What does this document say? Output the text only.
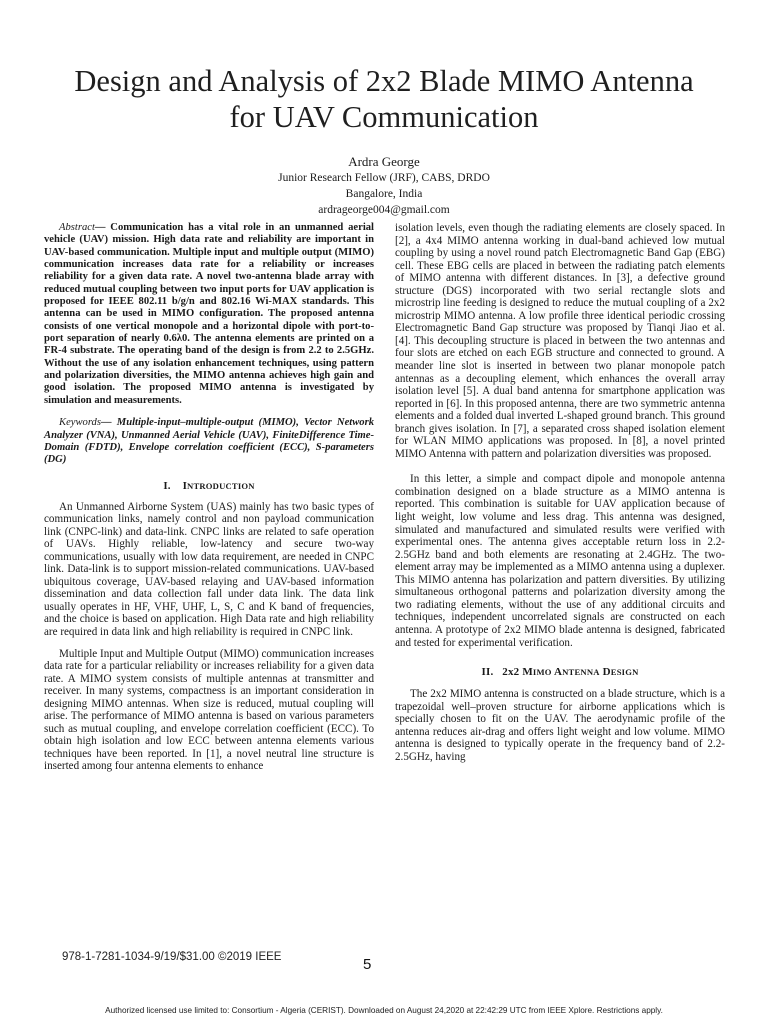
Design and Analysis of 2x2 Blade MIMO Antenna
for UAV Communication
Ardra George
Junior Research Fellow (JRF), CABS, DRDO
Bangalore, India
ardrageorge004@gmail.com

Abstract— Communication has a vital role in an unmanned aerial vehicle (UAV) mission. High data rate and reliability are important in UAV-based communication. Multiple input and multiple output (MIMO) communication increases data rate for a reliability or increases reliability for a given data rate. A novel two-antenna blade array with reduced mutual coupling between two input ports for UAV application is proposed for IEEE 802.11 b/g/n and 802.16 Wi-MAX standards. This antenna can be used in MIMO configuration. The proposed antenna consists of one vertical monopole and a horizontal dipole with port-to-port separation of nearly 0.6λ0. The antenna elements are printed on a FR-4 substrate. The operating band of the design is from 2.2 to 2.5GHz. Without the use of any isolation enhancement techniques, using pattern and polarization diversities, the MIMO antenna achieves high gain and good isolation. The proposed MIMO antenna is investigated by simulation and measurements.

Keywords— Multiple-input–multiple-output (MIMO), Vector Network Analyzer (VNA), Unmanned Aerial Vehicle (UAV), FiniteDifference Time-Domain (FDTD), Envelope correlation coefficient (ECC), S-parameters (DG)

I. INTRODUCTION

An Unmanned Airborne System (UAS) mainly has two basic types of communication links, namely control and non payload communication link (CNPC-link) and data-link. CNPC links are related to safe operation of UAVs. Highly reliable, low-latency and secure two-way communications, usually with low data requirement, are needed in CNPC link. Data-link is to support mission-related communications. UAV-based ubiquitous coverage, UAV-based relaying and UAV-based information dissemination and data collection fall under data link. The data link usually operates in HF, VHF, UHF, L, S, C and K band of frequencies, and the choice is based on application. High Data rate and high reliability are required in data link and high reliability is required in CNPC link.

Multiple Input and Multiple Output (MIMO) communication increases data rate for a particular reliability or increases reliability for a given data rate. A MIMO system consists of multiple antennas at transmitter and receiver. In many systems, compactness is an important consideration in designing MIMO antennas. When size is reduced, mutual coupling will arise. The performance of MIMO antenna is based on various parameters such as mutual coupling, and envelope correlation coefficient (ECC). To obtain high isolation and low ECC between antenna elements various techniques have been reported. In [1], a novel neutral line structure is inserted among four antenna elements to enhance

isolation levels, even though the radiating elements are closely spaced. In [2], a 4x4 MIMO antenna working in dual-band achieved low mutual coupling by using a novel round patch Electromagnetic Band Gap (EBG) cell. These EBG cells are placed in between the radiating patch elements of MIMO antenna with different distances. In [3], a defective ground structure (DGS) incorporated with two serial rectangle slots and microstrip line feeding is designed to reduce the mutual coupling of a 2x2 microstrip MIMO antenna. A low profile three identical periodic crossing Electromagnetic Band Gap structure was proposed by Tianqi Jiao et al. [4]. This decoupling structure is placed in between the two antennas and four slots are etched on each EGB structure and connected to ground. A meander line slot is inserted in between two planar monopole patch antennas as a decoupling element, which enhances the overall array isolation level [5]. A dual band antenna for smartphone application was reported in [6]. In this proposed antenna, there are two symmetric antenna elements and a folded dual inverted L-shaped ground branch. This ground branch gives isolation. In [7], a separated cross shaped isolation element for WLAN MIMO applications was proposed. In [8], a novel printed MIMO Antenna with pattern and polarization diversities was proposed.

In this letter, a simple and compact dipole and monopole antenna combination designed on a blade structure as a MIMO antenna is reported. This combination is suitable for UAV application because of light weight, low volume and less drag. This antenna was designed, simulated and manufactured and simulated results were verified with experimental ones. The antenna gives acceptable return loss in 2.2-2.5GHz band and both elements are resonating at 2.4GHz. The two-element array may be implemented as a MIMO antenna using a duplexer. This MIMO antenna has polarization and pattern diversities. By utilizing simultaneous orthogonal patterns and polarization diversity among the two radiating elements, without the use of any additional circuits and techniques, independent uncorrelated signals are constructed on each antenna. A prototype of 2x2 MIMO blade antenna is designed, fabricated and tested for experimental verification.

II. 2x2 MIMO ANTENNA DESIGN

The 2x2 MIMO antenna is constructed on a blade structure, which is a trapezoidal well–proven structure for airborne applications which is specially chosen to fit on the UAV. The aerodynamic profile of the antenna reduces air-drag and offers light weight and low volume. MIMO antenna is designed to typically operate in the frequency band of 2.2-2.5GHz, having

978-1-7281-1034-9/19/$31.00 ©2019 IEEE	5
Authorized licensed use limited to: Consortium - Algeria (CERIST). Downloaded on August 24,2020 at 22:42:29 UTC from IEEE Xplore. Restrictions apply.
